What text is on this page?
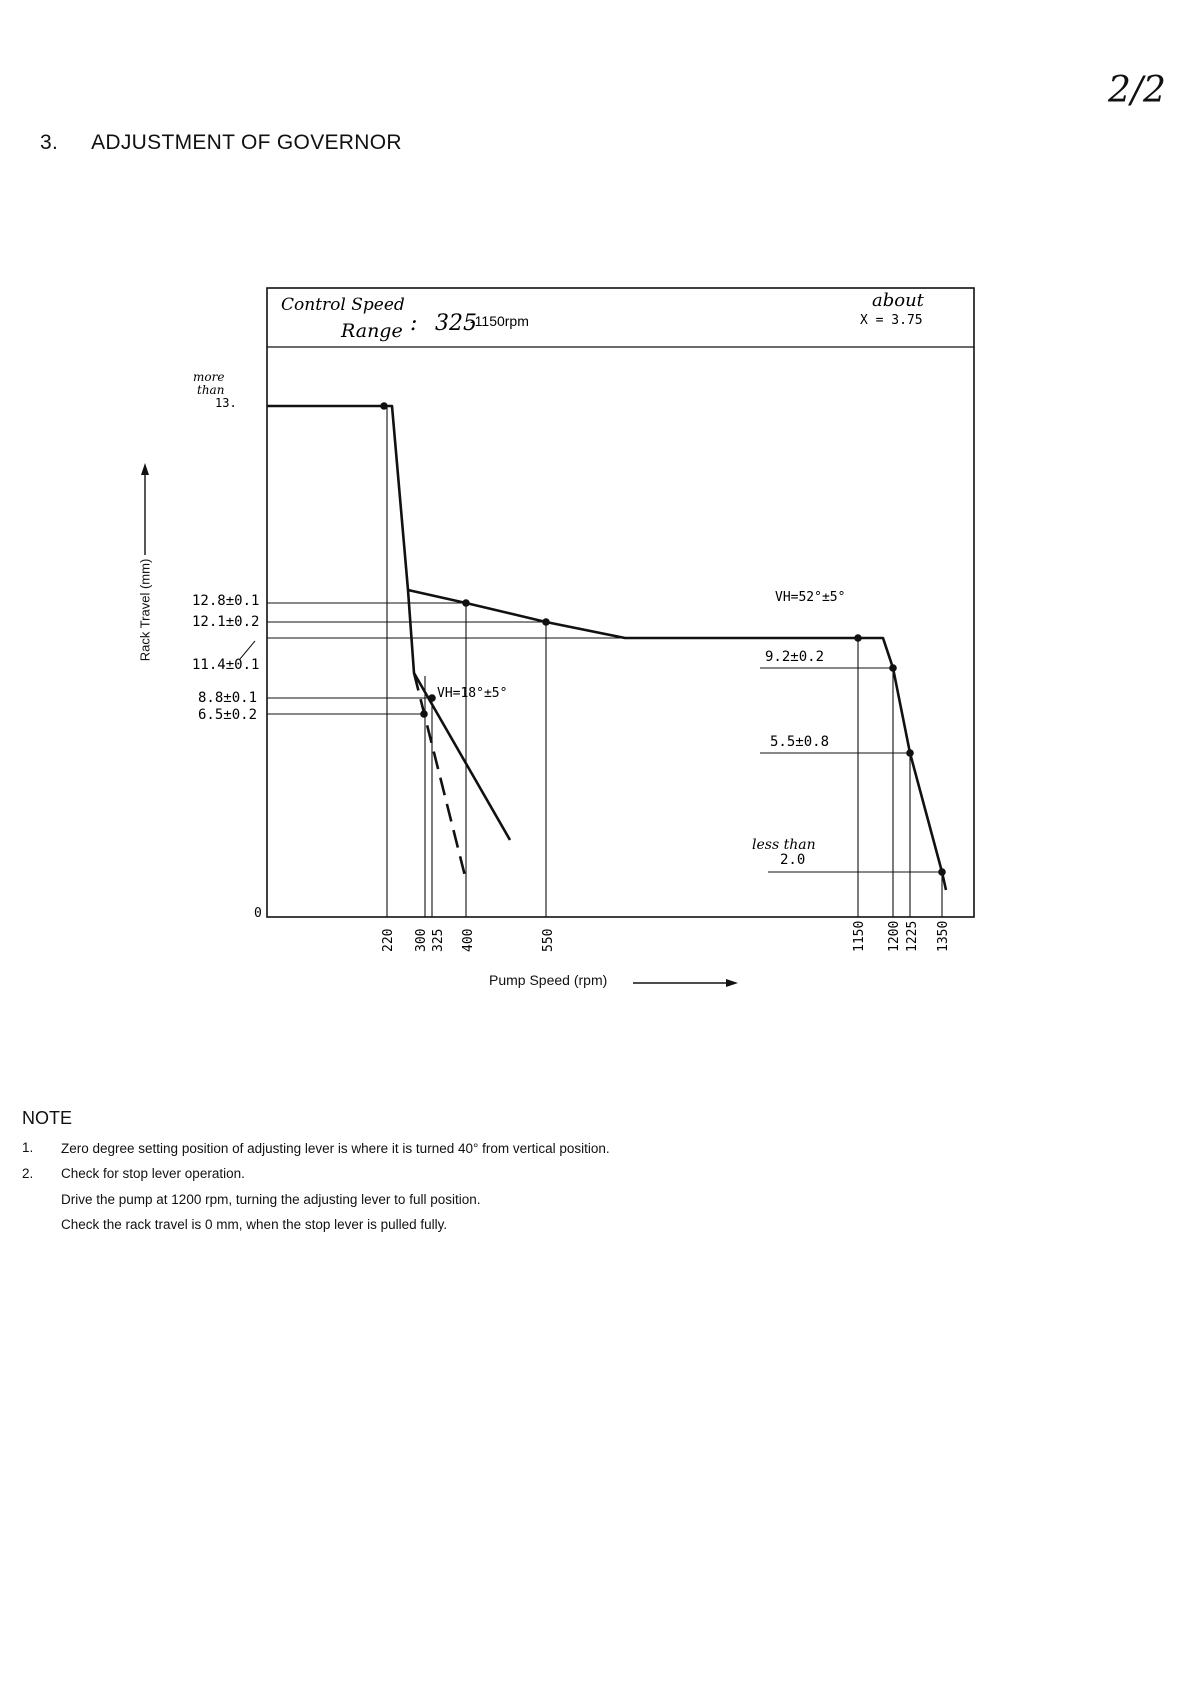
2/2
3. ADJUSTMENT OF GOVERNOR
Control Speed
Range : 325
-1150rpm
about
X = 3.75
more
than
13.
12.8±0.1
12.1±0.2
11.4±0.1
8.8±0.1
6.5±0.2
0
9.2±0.2
5.5±0.8
less than
2.0
VH=52°±5°
VH=18°±5°
220 300 325 400	550	1150 1200 1225 1350
Rack Travel (mm)
Pump Speed (rpm)
NOTE
1. Zero degree setting position of adjusting lever is where it is turned 40° from vertical position.
2. Check for stop lever operation.
Drive the pump at 1200 rpm, turning the adjusting lever to full position.
Check the rack travel is 0 mm, when the stop lever is pulled fully.
